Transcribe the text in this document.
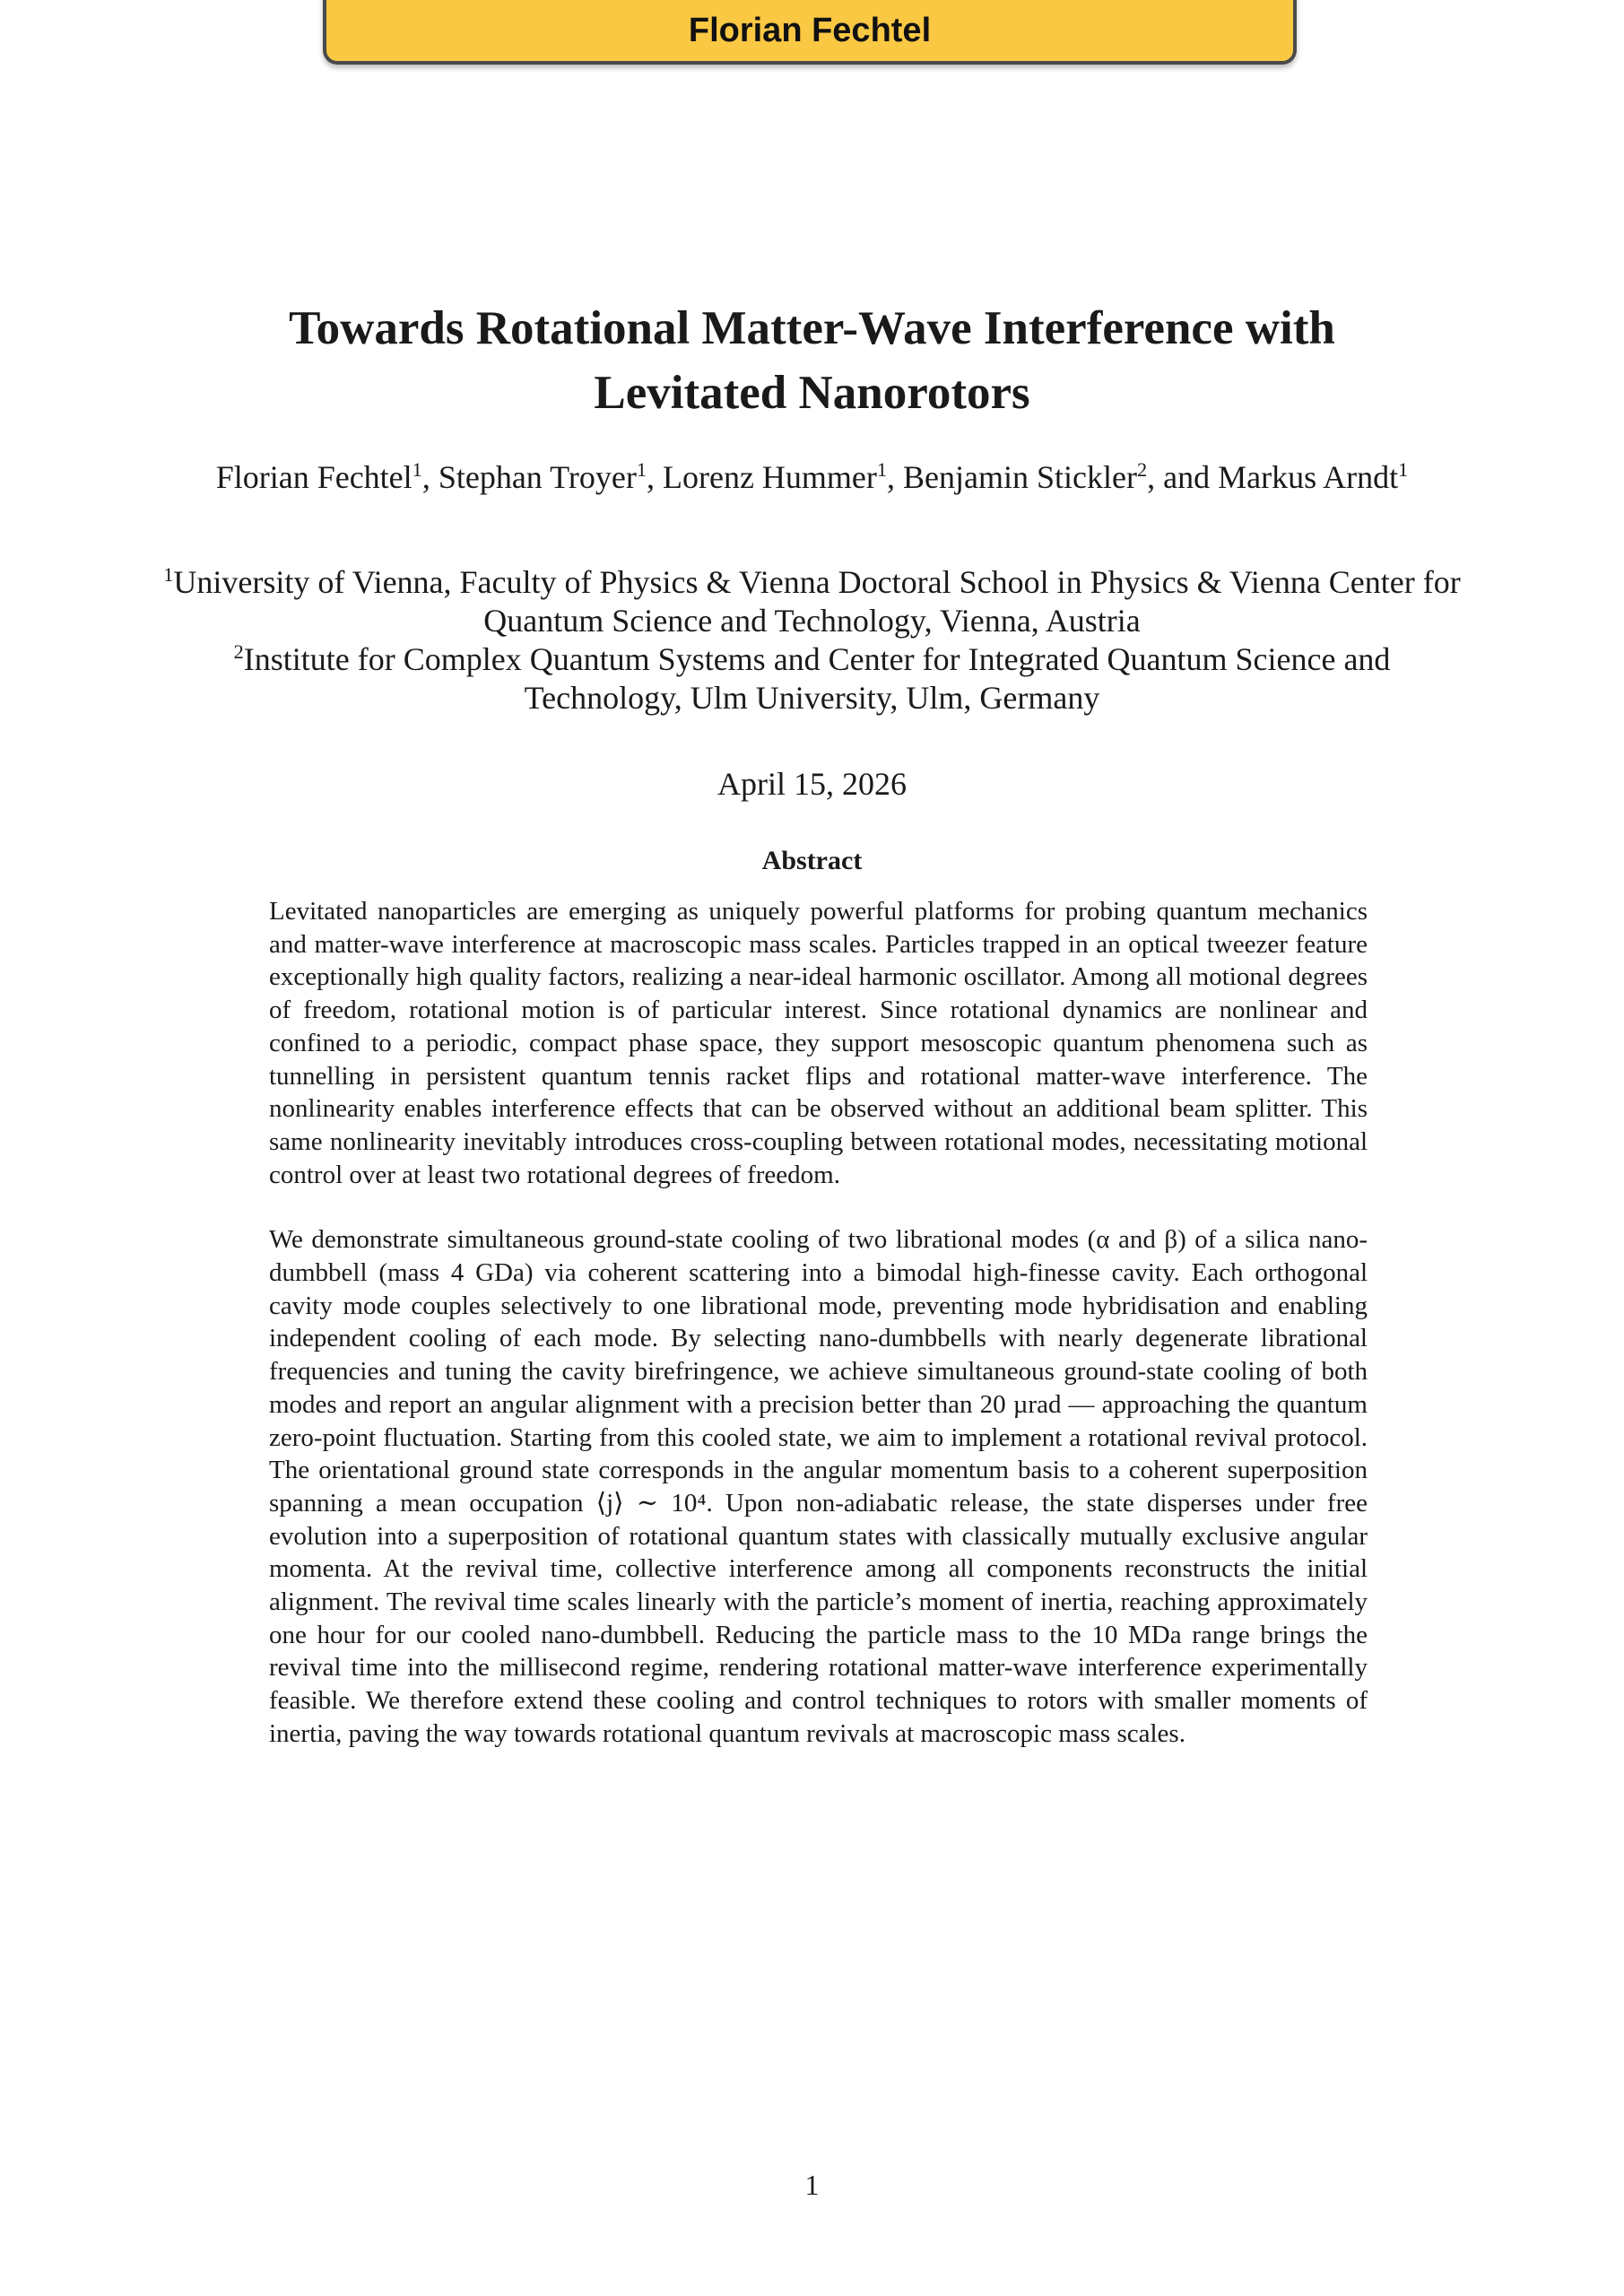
Florian Fechtel
Towards Rotational Matter-Wave Interference with
Levitated Nanorotors
Florian Fechtel$^1$, Stephan Troyer$^1$, Lorenz Hummer$^1$, Benjamin Stickler$^2$, and Markus Arndt$^1$
$^1$University of Vienna, Faculty of Physics & Vienna Doctoral School in Physics & Vienna Center for Quantum Science and Technology, Vienna, Austria
$^2$Institute for Complex Quantum Systems and Center for Integrated Quantum Science and Technology, Ulm University, Ulm, Germany
April 15, 2026
Abstract

Levitated nanoparticles are emerging as uniquely powerful platforms for probing quantum mechanics and matter-wave interference at macroscopic mass scales. Particles trapped in an optical tweezer feature exceptionally high quality factors, realizing a near-ideal harmonic oscillator. Among all motional degrees of freedom, rotational motion is of particular interest. Since rotational dynamics are nonlinear and confined to a periodic, compact phase space, they support mesoscopic quantum phenomena such as tunnelling in persistent quantum tennis racket flips and rotational matter-wave interference. The nonlinearity enables interference effects that can be observed without an additional beam splitter. This same nonlinearity inevitably introduces cross-coupling between rotational modes, necessitating motional control over at least two rotational degrees of freedom.

We demonstrate simultaneous ground-state cooling of two librational modes (α and β) of a silica nano-dumbbell (mass 4 GDa) via coherent scattering into a bimodal high-finesse cavity. Each orthogonal cavity mode couples selectively to one librational mode, preventing mode hybridisation and enabling independent cooling of each mode. By selecting nano-dumbbells with nearly degenerate librational frequencies and tuning the cavity birefringence, we achieve simultaneous ground-state cooling of both modes and report an angular alignment with a precision better than 20 µrad — approaching the quantum zero-point fluctuation. Starting from this cooled state, we aim to implement a rotational revival protocol. The orientational ground state corresponds in the angular momentum basis to a coherent superposition spanning a mean occupation ⟨j⟩ ∼ 10⁴. Upon non-adiabatic release, the state disperses under free evolution into a superposition of rotational quantum states with classically mutually exclusive angular momenta. At the revival time, collective interference among all components reconstructs the initial alignment. The revival time scales linearly with the particle’s moment of inertia, reaching approximately one hour for our cooled nano-dumbbell. Reducing the particle mass to the 10 MDa range brings the revival time into the millisecond regime, rendering rotational matter-wave interference experimentally feasible. We therefore extend these cooling and control techniques to rotors with smaller moments of inertia, paving the way towards rotational quantum revivals at macroscopic mass scales.

1
